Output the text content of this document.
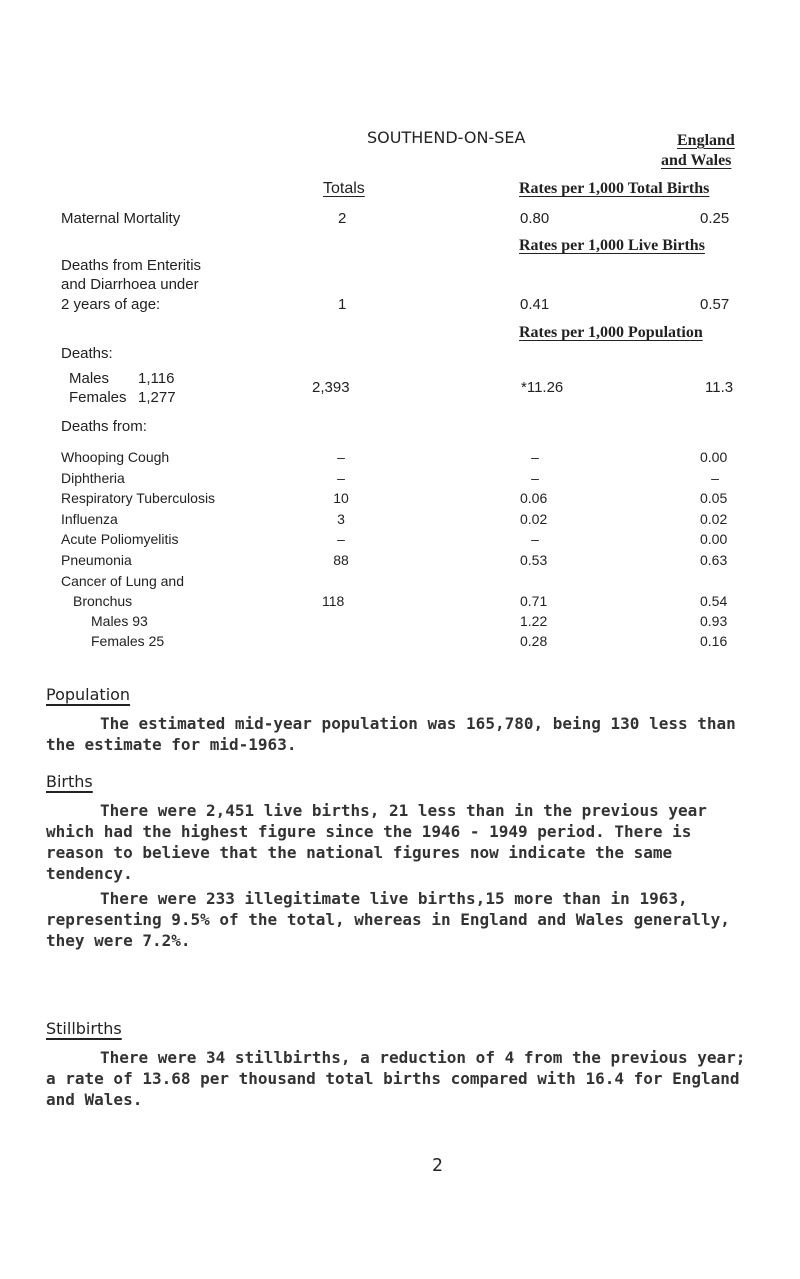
SOUTHEND-ON-SEA	England
and Wales
Totals	Rates per 1,000 Total Births
Maternal Mortality	2	0.80	0.25
Rates per 1,000 Live Births
Deaths from Enteritis
and Diarrhoea under
2 years of age:	1	0.41	0.57
Rates per 1,000 Population
Deaths:
Males 1,116
Females 1,277
2,393	*11.26	11.3
Deaths from:
Whooping Cough	–	–	0.00
Diphtheria	–	–	–
Respiratory Tuberculosis	10	0.06	0.05
Influenza	3	0.02	0.02
Acute Poliomyelitis	–	–	0.00
Pneumonia	88	0.53	0.63
Cancer of Lung and
Bronchus	118	0.71	0.54
Males 93	1.22	0.93
Females 25	0.28	0.16
Population

The estimated mid-year population was 165,780, being 130 less than the estimate for mid-1963.

Births

There were 2,451 live births, 21 less than in the previous year which had the highest figure since the 1946 - 1949 period. There is reason to believe that the national figures now indicate the same tendency.

There were 233 illegitimate live births,15 more than in 1963, representing 9.5% of the total, whereas in England and Wales generally, they were 7.2%.

Stillbirths

There were 34 stillbirths, a reduction of 4 from the previous year; a rate of 13.68 per thousand total births compared with 16.4 for England and Wales.

2
